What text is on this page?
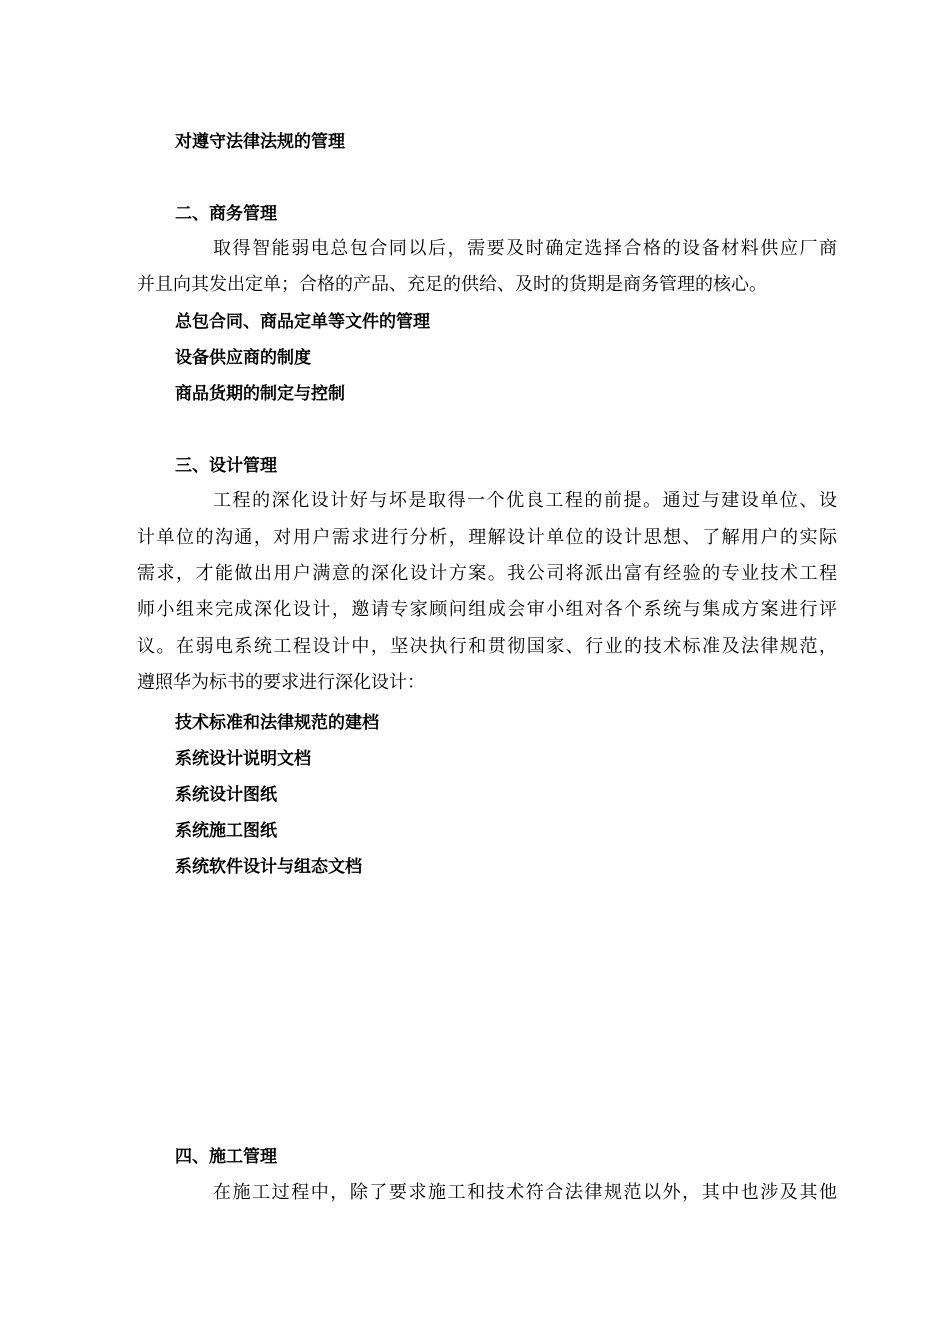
对遵守法律法规的管理
二、商务管理
取得智能弱电总包合同以后，需要及时确定选择合格的设备材料供应厂商
并且向其发出定单；合格的产品、充足的供给、及时的货期是商务管理的核心。
总包合同、商品定单等文件的管理
设备供应商的制度
商品货期的制定与控制
三、设计管理
工程的深化设计好与坏是取得一个优良工程的前提。通过与建设单位、设
计单位的沟通，对用户需求进行分析，理解设计单位的设计思想、了解用户的实际
需求，才能做出用户满意的深化设计方案。我公司将派出富有经验的专业技术工程
师小组来完成深化设计，邀请专家顾问组成会审小组对各个系统与集成方案进行评
议。在弱电系统工程设计中，坚决执行和贯彻国家、行业的技术标准及法律规范，
遵照华为标书的要求进行深化设计：
技术标准和法律规范的建档
系统设计说明文档
系统设计图纸
系统施工图纸
系统软件设计与组态文档
四、施工管理
在施工过程中，除了要求施工和技术符合法律规范以外，其中也涉及其他
